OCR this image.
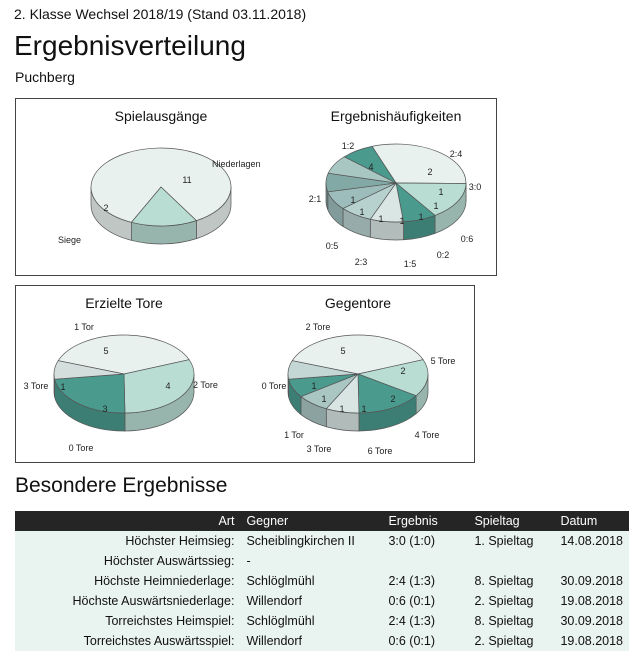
2. Klasse Wechsel 2018/19 (Stand 03.11.2018)
Ergebnisverteilung
Puchberg
Spielausgänge
11
Niederlagen
2
Siege
Ergebnishäufigkeiten
4
1:2
2
2:4
1	3:0
1
0:6
1
0:2
1
1:5
1
2:3
1
0:5
1
2:1
Erzielte Tore
5
1 Tor
4 2 Tore
3
0 Tore
1
3 Tore
Gegentore
5
2 Tore
2
5 Tore
2
4 Tore
1
6 Tore
1
3 Tore
1
1 Tor
1
0 Tore
Besondere Ergebnisse
Art	Gegner	Ergebnis	Spieltag	Datum
Höchster Heimsieg:	Scheiblingkirchen II	3:0 (1:0)	1. Spieltag	14.08.2018
Höchster Auswärtssieg:	-			
Höchste Heimniederlage:	Schlöglmühl	2:4 (1:3)	8. Spieltag	30.09.2018
Höchste Auswärtsniederlage:	Willendorf	0:6 (0:1)	2. Spieltag	19.08.2018
Torreichstes Heimspiel:	Schlöglmühl	2:4 (1:3)	8. Spieltag	30.09.2018
Torreichstes Auswärtsspiel:	Willendorf	0:6 (0:1)	2. Spieltag	19.08.2018
